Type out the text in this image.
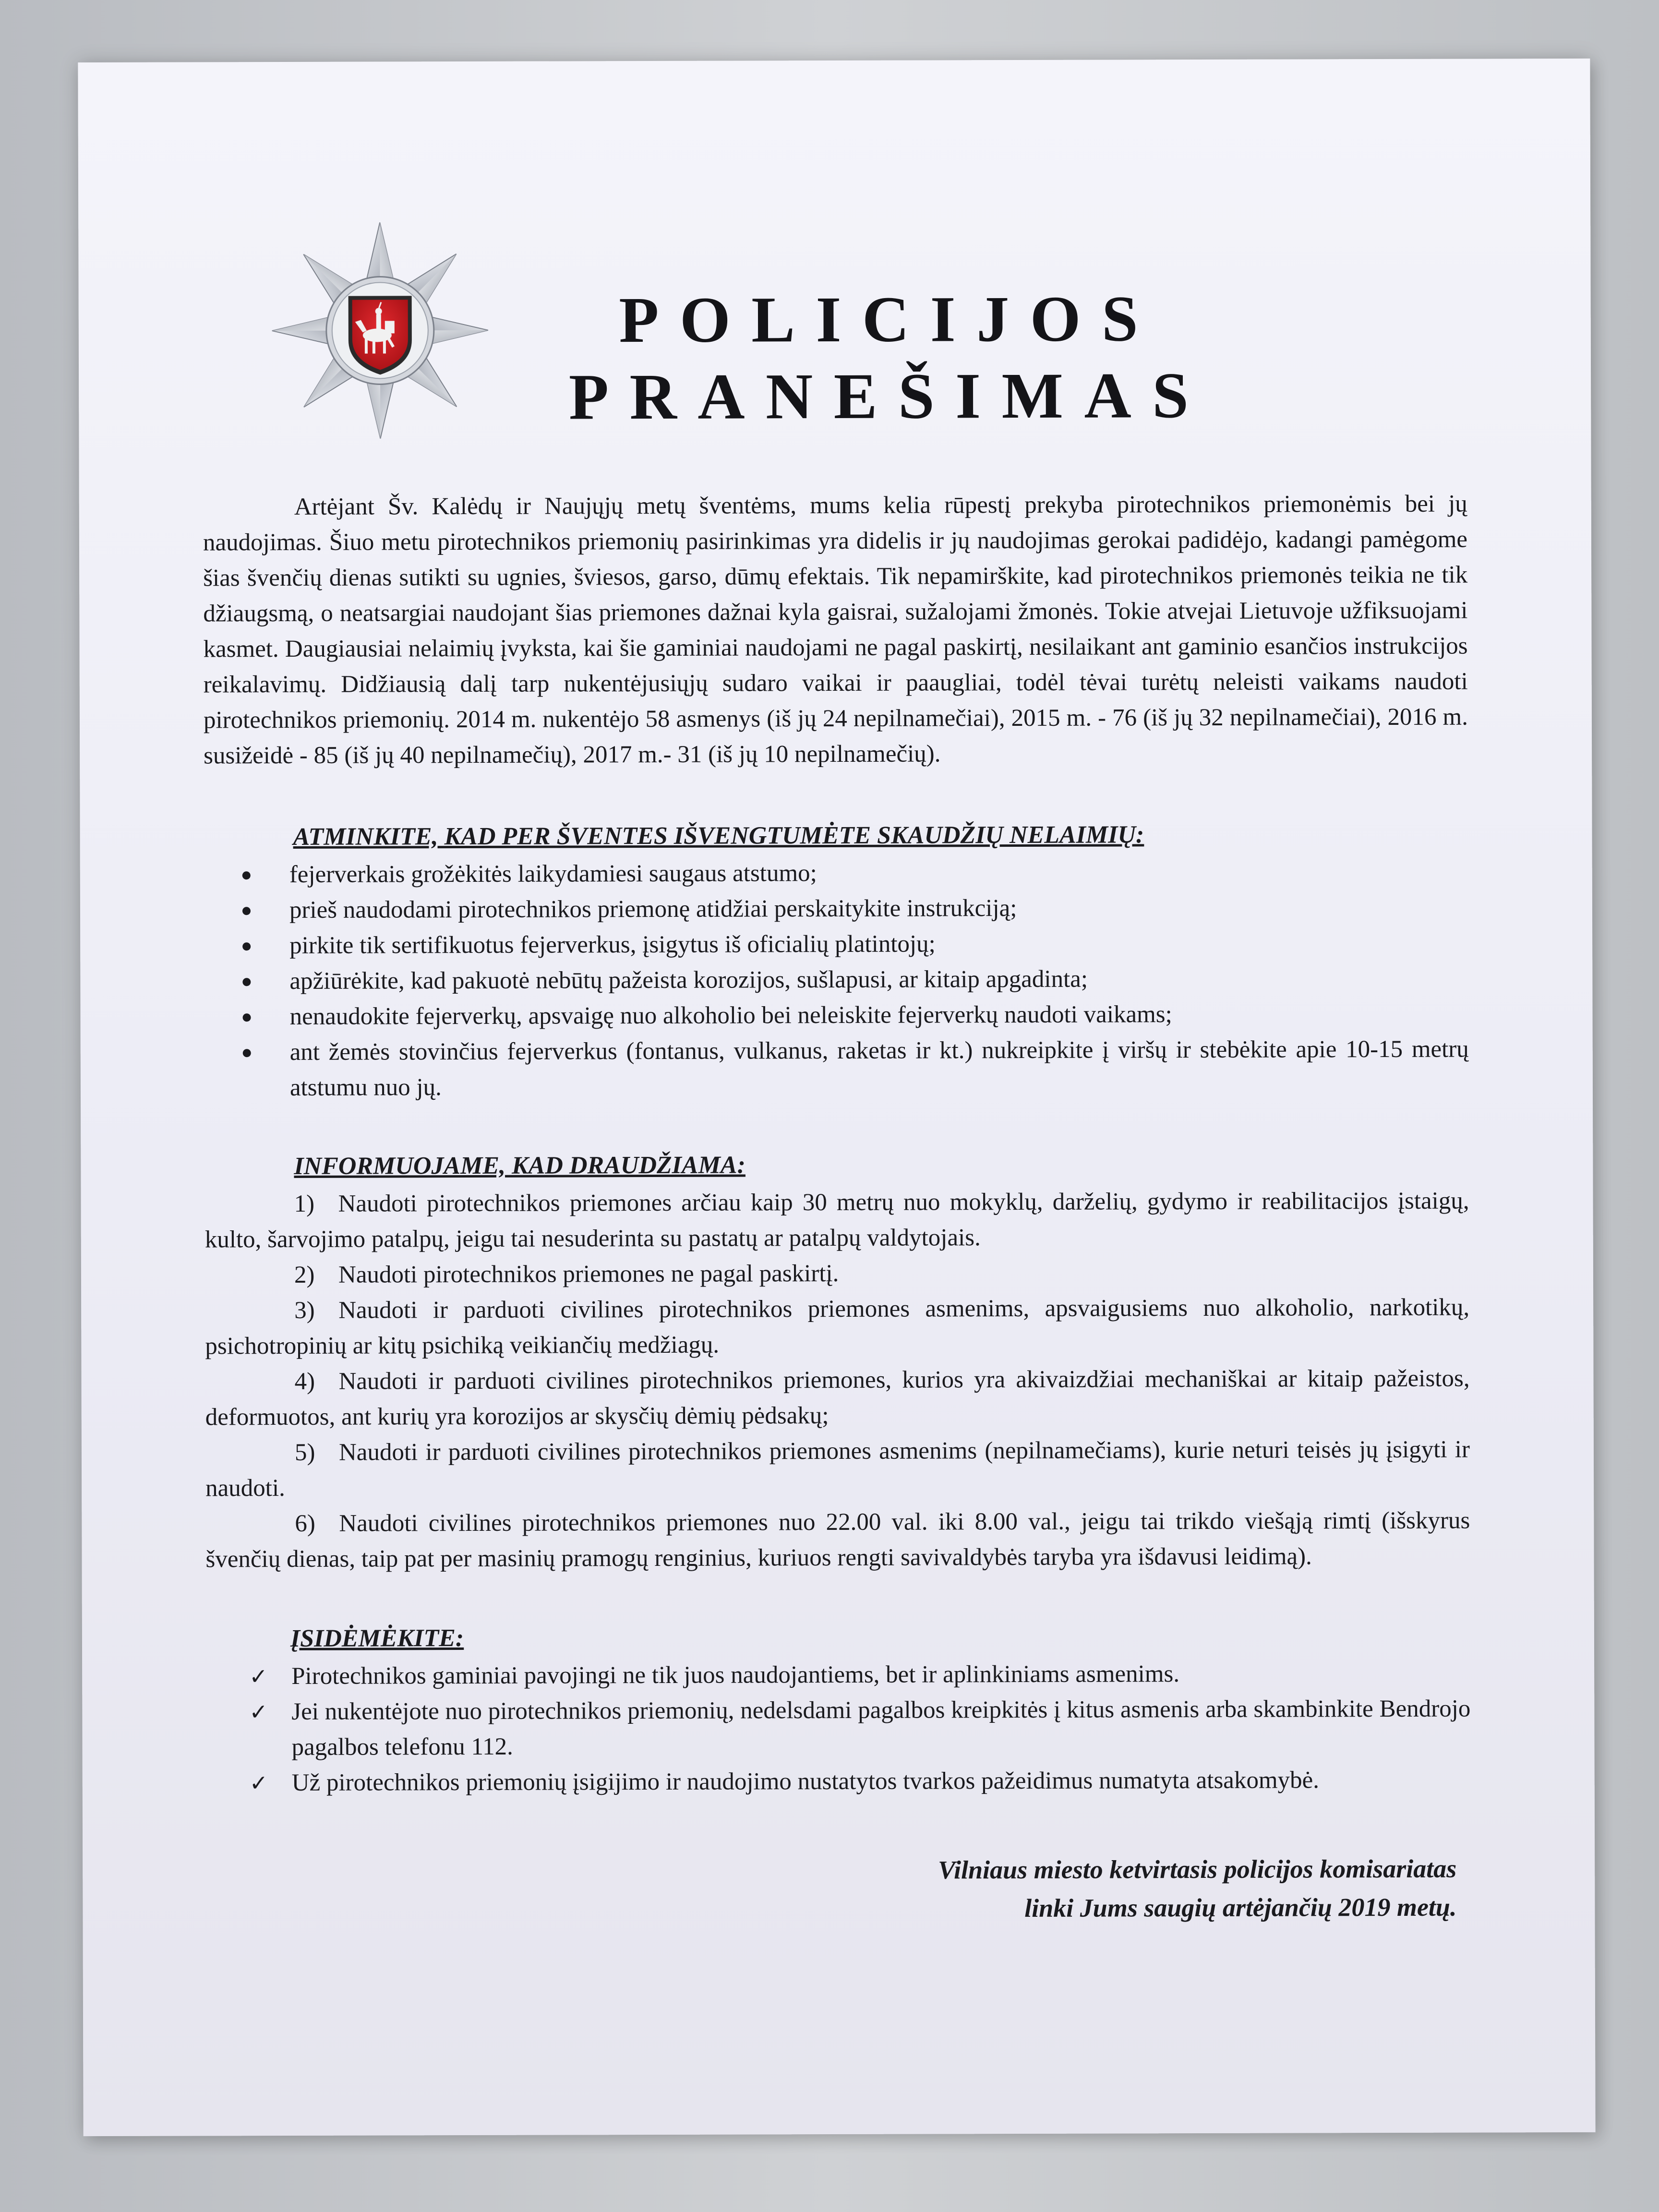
POLICIJOS
PRANEŠIMAS

Artėjant Šv. Kalėdų ir Naujųjų metų šventėms, mums kelia rūpestį prekyba pirotechnikos priemonėmis bei jų naudojimas. Šiuo metu pirotechnikos priemonių pasirinkimas yra didelis ir jų naudojimas gerokai padidėjo, kadangi pamėgome šias švenčių dienas sutikti su ugnies, šviesos, garso, dūmų efektais. Tik nepamirškite, kad pirotechnikos priemonės teikia ne tik džiaugsmą, o neatsargiai naudojant šias priemones dažnai kyla gaisrai, sužalojami žmonės. Tokie atvejai Lietuvoje užfiksuojami kasmet. Daugiausiai nelaimių įvyksta, kai šie gaminiai naudojami ne pagal paskirtį, nesilaikant ant gaminio esančios instrukcijos reikalavimų. Didžiausią dalį tarp nukentėjusiųjų sudaro vaikai ir paaugliai, todėl tėvai turėtų neleisti vaikams naudoti pirotechnikos priemonių. 2014 m. nukentėjo 58 asmenys (iš jų 24 nepilnamečiai), 2015 m. - 76 (iš jų 32 nepilnamečiai), 2016 m. susižeidė - 85 (iš jų 40 nepilnamečių), 2017 m.- 31 (iš jų 10 nepilnamečių).

ATMINKITE, KAD PER ŠVENTES IŠVENGTUMĖTE SKAUDŽIŲ NELAIMIŲ:
fejerverkais grožėkitės laikydamiesi saugaus atstumo;
prieš naudodami pirotechnikos priemonę atidžiai perskaitykite instrukciją;
pirkite tik sertifikuotus fejerverkus, įsigytus iš oficialių platintojų;
apžiūrėkite, kad pakuotė nebūtų pažeista korozijos, sušlapusi, ar kitaip apgadinta;
nenaudokite fejerverkų, apsvaigę nuo alkoholio bei neleiskite fejerverkų naudoti vaikams;
ant žemės stovinčius fejerverkus (fontanus, vulkanus, raketas ir kt.) nukreipkite į viršų ir stebėkite apie 10-15 metrų atstumu nuo jų.
INFORMUOJAME, KAD DRAUDŽIAMA:
1) Naudoti pirotechnikos priemones arčiau kaip 30 metrų nuo mokyklų, darželių, gydymo ir reabilitacijos įstaigų, kulto, šarvojimo patalpų, jeigu tai nesuderinta su pastatų ar patalpų valdytojais.
2) Naudoti pirotechnikos priemones ne pagal paskirtį.
3) Naudoti ir parduoti civilines pirotechnikos priemones asmenims, apsvaigusiems nuo alkoholio, narkotikų, psichotropinių ar kitų psichiką veikiančių medžiagų.
4) Naudoti ir parduoti civilines pirotechnikos priemones, kurios yra akivaizdžiai mechaniškai ar kitaip pažeistos, deformuotos, ant kurių yra korozijos ar skysčių dėmių pėdsakų;
5) Naudoti ir parduoti civilines pirotechnikos priemones asmenims (nepilnamečiams), kurie neturi teisės jų įsigyti ir naudoti.
6) Naudoti civilines pirotechnikos priemones nuo 22.00 val. iki 8.00 val., jeigu tai trikdo viešąją rimtį (išskyrus švenčių dienas, taip pat per masinių pramogų renginius, kuriuos rengti savivaldybės taryba yra išdavusi leidimą).
ĮSIDĖMĖKITE:
✓ Pirotechnikos gaminiai pavojingi ne tik juos naudojantiems, bet ir aplinkiniams asmenims.
✓ Jei nukentėjote nuo pirotechnikos priemonių, nedelsdami pagalbos kreipkitės į kitus asmenis arba skambinkite Bendrojo pagalbos telefonu 112.
✓ Už pirotechnikos priemonių įsigijimo ir naudojimo nustatytos tvarkos pažeidimus numatyta atsakomybė.
Vilniaus miesto ketvirtasis policijos komisariatas
linki Jums saugių artėjančių 2019 metų.
